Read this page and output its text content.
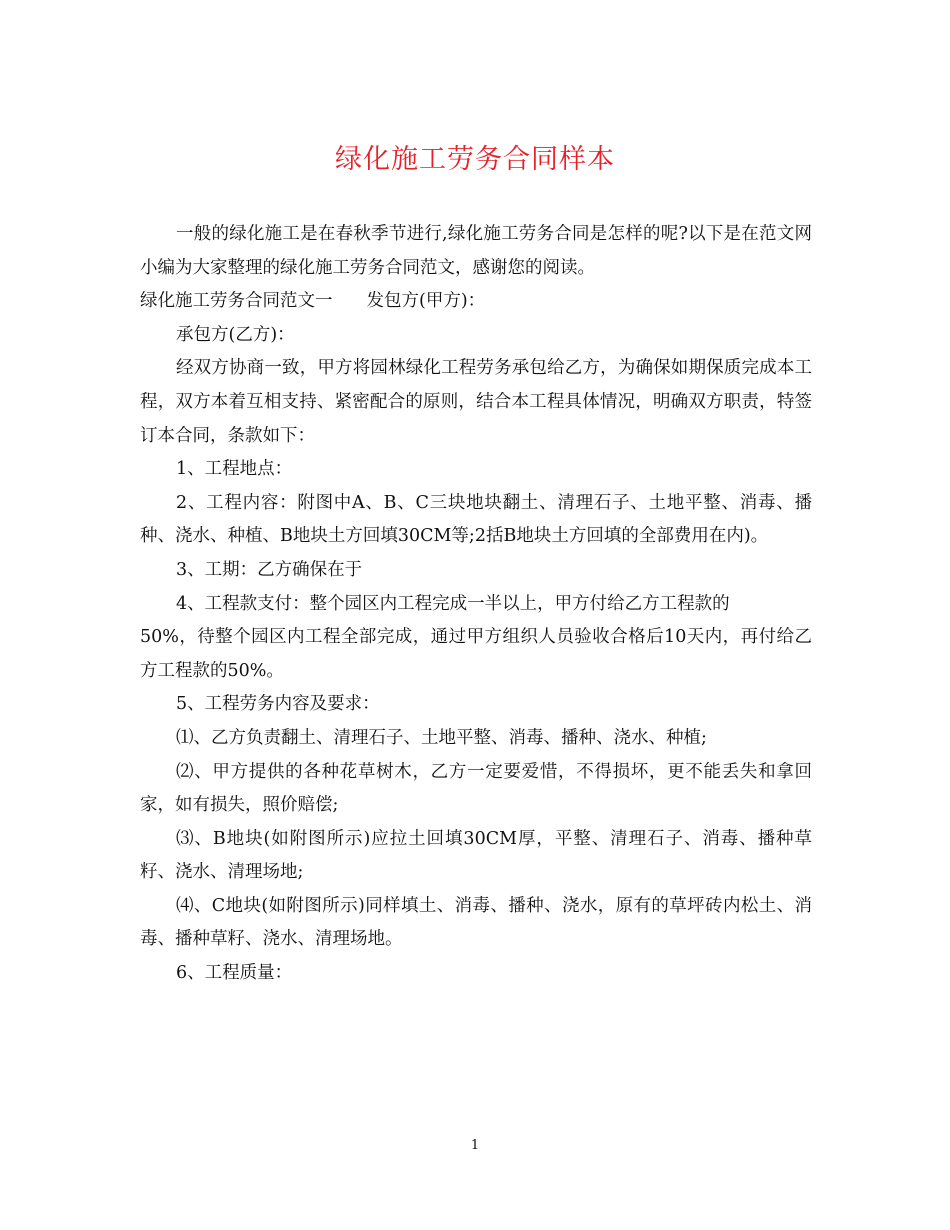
绿化施工劳务合同样本

一般的绿化施工是在春秋季节进行,绿化施工劳务合同是怎样的呢?以下是在范文网小编为大家整理的绿化施工劳务合同范文，感谢您的阅读。

绿化施工劳务合同范文一 发包方(甲方)：

承包方(乙方)：

经双方协商一致，甲方将园林绿化工程劳务承包给乙方，为确保如期保质完成本工程，双方本着互相支持、紧密配合的原则，结合本工程具体情况，明确双方职责，特签订本合同，条款如下：

1、工程地点：

2、工程内容：附图中A、B、C三块地块翻土、清理石子、土地平整、消毒、播种、浇水、种植、B地块土方回填30CM等;2括B地块土方回填的全部费用在内)。

3、工期：乙方确保在于

4、工程款支付：整个园区内工程完成一半以上，甲方付给乙方工程款的

50%，待整个园区内工程全部完成，通过甲方组织人员验收合格后10天内，再付给乙方工程款的50%。

5、工程劳务内容及要求：

⑴、乙方负责翻土、清理石子、土地平整、消毒、播种、浇水、种植;

⑵、甲方提供的各种花草树木，乙方一定要爱惜，不得损坏，更不能丢失和拿回家，如有损失，照价赔偿;

⑶、B地块(如附图所示)应拉土回填30CM厚，平整、清理石子、消毒、播种草籽、浇水、清理场地;

⑷、C地块(如附图所示)同样填土、消毒、播种、浇水，原有的草坪砖内松土、消毒、播种草籽、浇水、清理场地。

6、工程质量：

1
